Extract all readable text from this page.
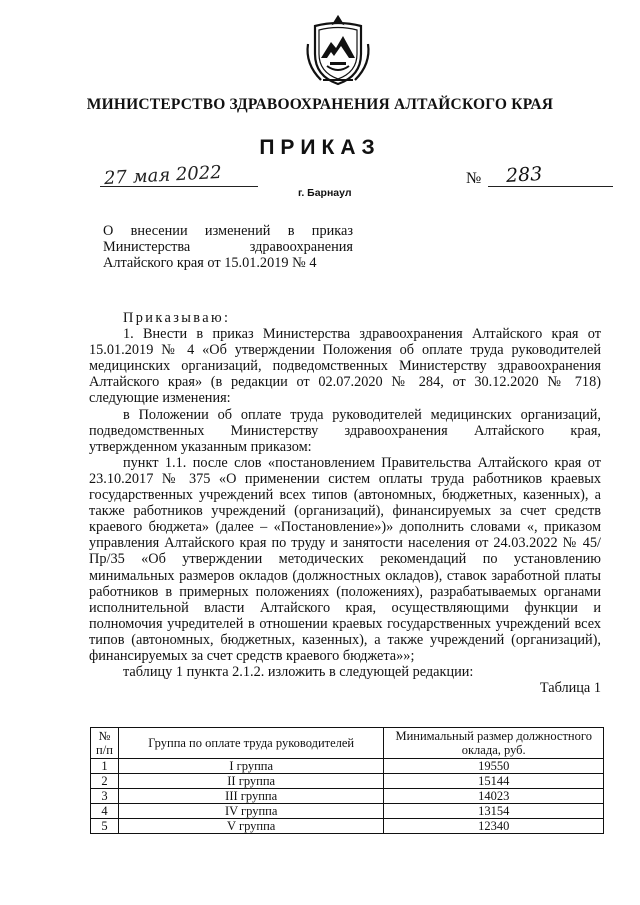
МИНИСТЕРСТВО ЗДРАВООХРАНЕНИЯ АЛТАЙСКОГО КРАЯ
ПРИКАЗ
27 мая 2022
г. Барнаул
№ 283
О внесении изменений в приказ
Министерства здравоохранения
Алтайского края от 15.01.2019 № 4

Приказываю:

1. Внести в приказ Министерства здравоохранения Алтайского края от 15.01.2019 № 4 «Об утверждении Положения об оплате труда руководителей медицинских организаций, подведомственных Министерству здравоохранения Алтайского края» (в редакции от 02.07.2020 № 284, от 30.12.2020 № 718) следующие изменения:

в Положении об оплате труда руководителей медицинских организаций, подведомственных Министерству здравоохранения Алтайского края, утвержденном указанным приказом:

пункт 1.1. после слов «постановлением Правительства Алтайского края от 23.10.2017 № 375 «О применении систем оплаты труда работников краевых государственных учреждений всех типов (автономных, бюджетных, казенных), а также работников учреждений (организаций), финансируемых за счет средств краевого бюджета» (далее – «Постановление»)» дополнить словами «, приказом управления Алтайского края по труду и занятости населения от 24.03.2022 № 45/Пр/35 «Об утверждении методических рекомендаций по установлению минимальных размеров окладов (должностных окладов), ставок заработной платы работников в примерных положениях (положениях), разрабатываемых органами исполнительной власти Алтайского края, осуществляющими функции и полномочия учредителей в отношении краевых государственных учреждений всех типов (автономных, бюджетных, казенных), а также учреждений (организаций), финансируемых за счет средств краевого бюджета»»;

таблицу 1 пункта 2.1.2. изложить в следующей редакции:

Таблица 1

№ п/п	Группа по оплате труда руководителей	Минимальный размер должностного оклада, руб.
1	I группа	19550
2	II группа	15144
3	III группа	14023
4	IV группа	13154
5	V группа	12340
